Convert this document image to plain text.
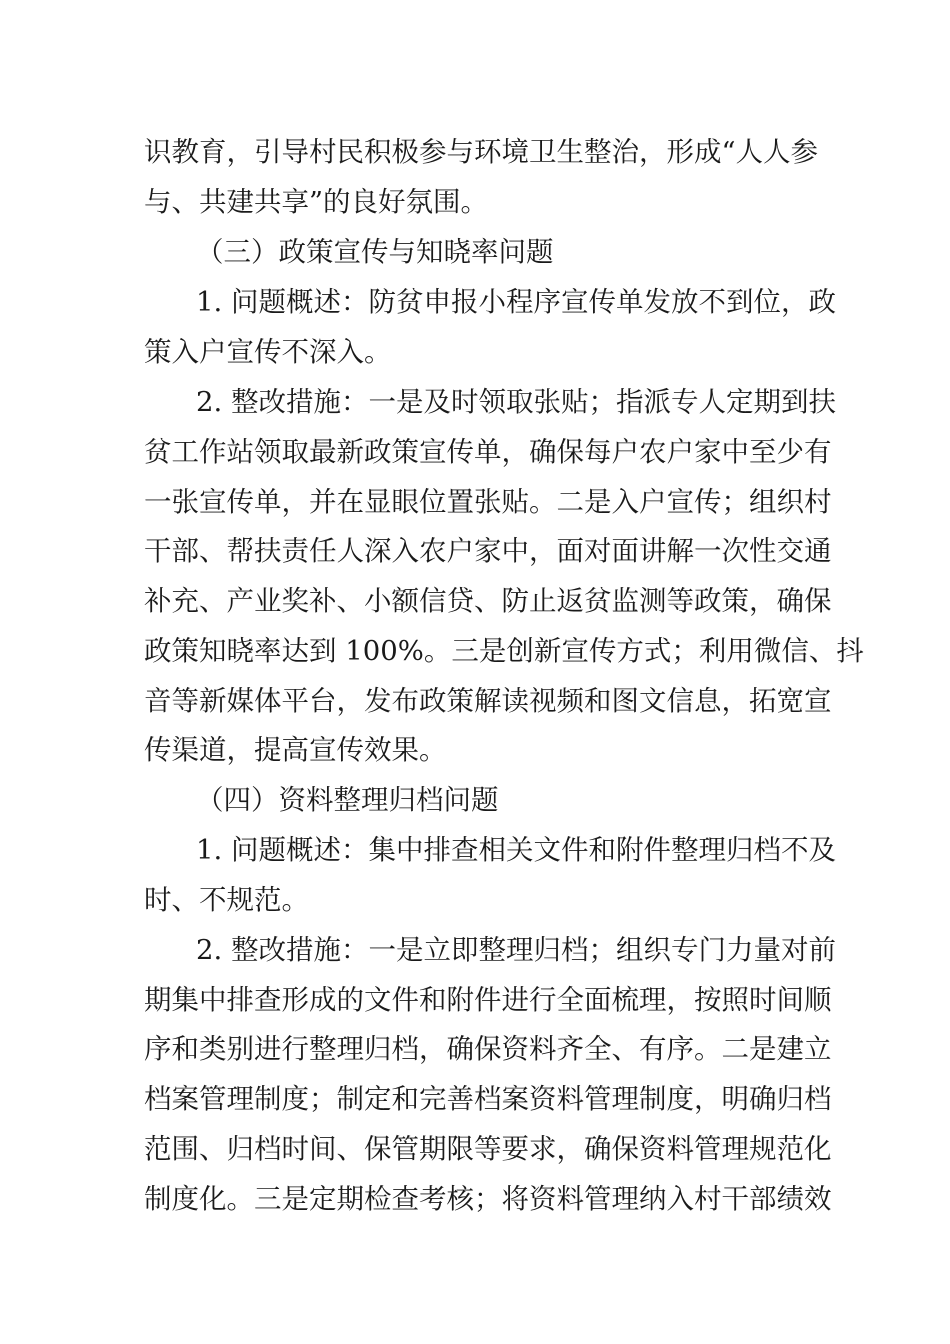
识教育，引导村民积极参与环境卫生整治，形成“人人参
与、共建共享”的良好氛围。
（三）政策宣传与知晓率问题
1. 问题概述：防贫申报小程序宣传单发放不到位，政
策入户宣传不深入。
2. 整改措施：一是及时领取张贴；指派专人定期到扶
贫工作站领取最新政策宣传单，确保每户农户家中至少有
一张宣传单，并在显眼位置张贴。二是入户宣传；组织村
干部、帮扶责任人深入农户家中，面对面讲解一次性交通
补充、产业奖补、小额信贷、防止返贫监测等政策，确保
政策知晓率达到 100%。三是创新宣传方式；利用微信、抖
音等新媒体平台，发布政策解读视频和图文信息，拓宽宣
传渠道，提高宣传效果。
（四）资料整理归档问题
1. 问题概述：集中排查相关文件和附件整理归档不及
时、不规范。
2. 整改措施：一是立即整理归档；组织专门力量对前
期集中排查形成的文件和附件进行全面梳理，按照时间顺
序和类别进行整理归档，确保资料齐全、有序。二是建立
档案管理制度；制定和完善档案资料管理制度，明确归档
范围、归档时间、保管期限等要求，确保资料管理规范化
制度化。三是定期检查考核；将资料管理纳入村干部绩效
